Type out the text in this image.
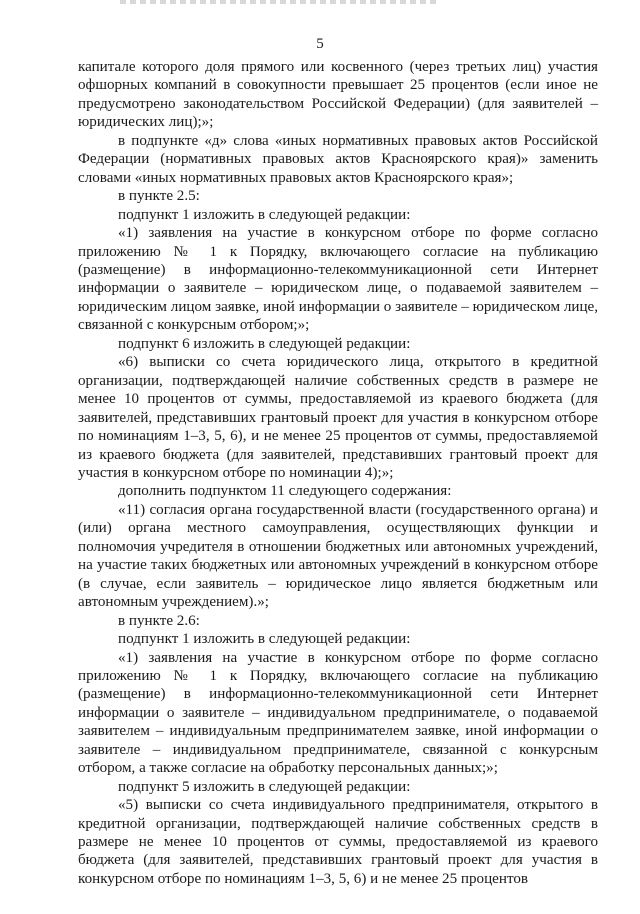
5

капитале которого доля прямого или косвенного (через третьих лиц) участия офшорных компаний в совокупности превышает 25 процентов (если иное не предусмотрено законодательством Российской Федерации) (для заявителей – юридических лиц);»;

в подпункте «д» слова «иных нормативных правовых актов Российской Федерации (нормативных правовых актов Красноярского края)» заменить словами «иных нормативных правовых актов Красноярского края»;

в пункте 2.5:

подпункт 1 изложить в следующей редакции:

«1) заявления на участие в конкурсном отборе по форме согласно приложению № 1 к Порядку, включающего согласие на публикацию (размещение) в информационно-телекоммуникационной сети Интернет информации о заявителе – юридическом лице, о подаваемой заявителем – юридическим лицом заявке, иной информации о заявителе – юридическом лице, связанной с конкурсным отбором;»;

подпункт 6 изложить в следующей редакции:

«6) выписки со счета юридического лица, открытого в кредитной организации, подтверждающей наличие собственных средств в размере не менее 10 процентов от суммы, предоставляемой из краевого бюджета (для заявителей, представивших грантовый проект для участия в конкурсном отборе по номинациям 1–3, 5, 6), и не менее 25 процентов от суммы, предоставляемой из краевого бюджета (для заявителей, представивших грантовый проект для участия в конкурсном отборе по номинации 4);»;

дополнить подпунктом 11 следующего содержания:

«11) согласия органа государственной власти (государственного органа) и (или) органа местного самоуправления, осуществляющих функции и полномочия учредителя в отношении бюджетных или автономных учреждений, на участие таких бюджетных или автономных учреждений в конкурсном отборе (в случае, если заявитель – юридическое лицо является бюджетным или автономным учреждением).»;

в пункте 2.6:

подпункт 1 изложить в следующей редакции:

«1) заявления на участие в конкурсном отборе по форме согласно приложению № 1 к Порядку, включающего согласие на публикацию (размещение) в информационно-телекоммуникационной сети Интернет информации о заявителе – индивидуальном предпринимателе, о подаваемой заявителем – индивидуальным предпринимателем заявке, иной информации о заявителе – индивидуальном предпринимателе, связанной с конкурсным отбором, а также согласие на обработку персональных данных;»;

подпункт 5 изложить в следующей редакции:

«5) выписки со счета индивидуального предпринимателя, открытого в кредитной организации, подтверждающей наличие собственных средств в размере не менее 10 процентов от суммы, предоставляемой из краевого бюджета (для заявителей, представивших грантовый проект для участия в конкурсном отборе по номинациям 1–3, 5, 6) и не менее 25 процентов
